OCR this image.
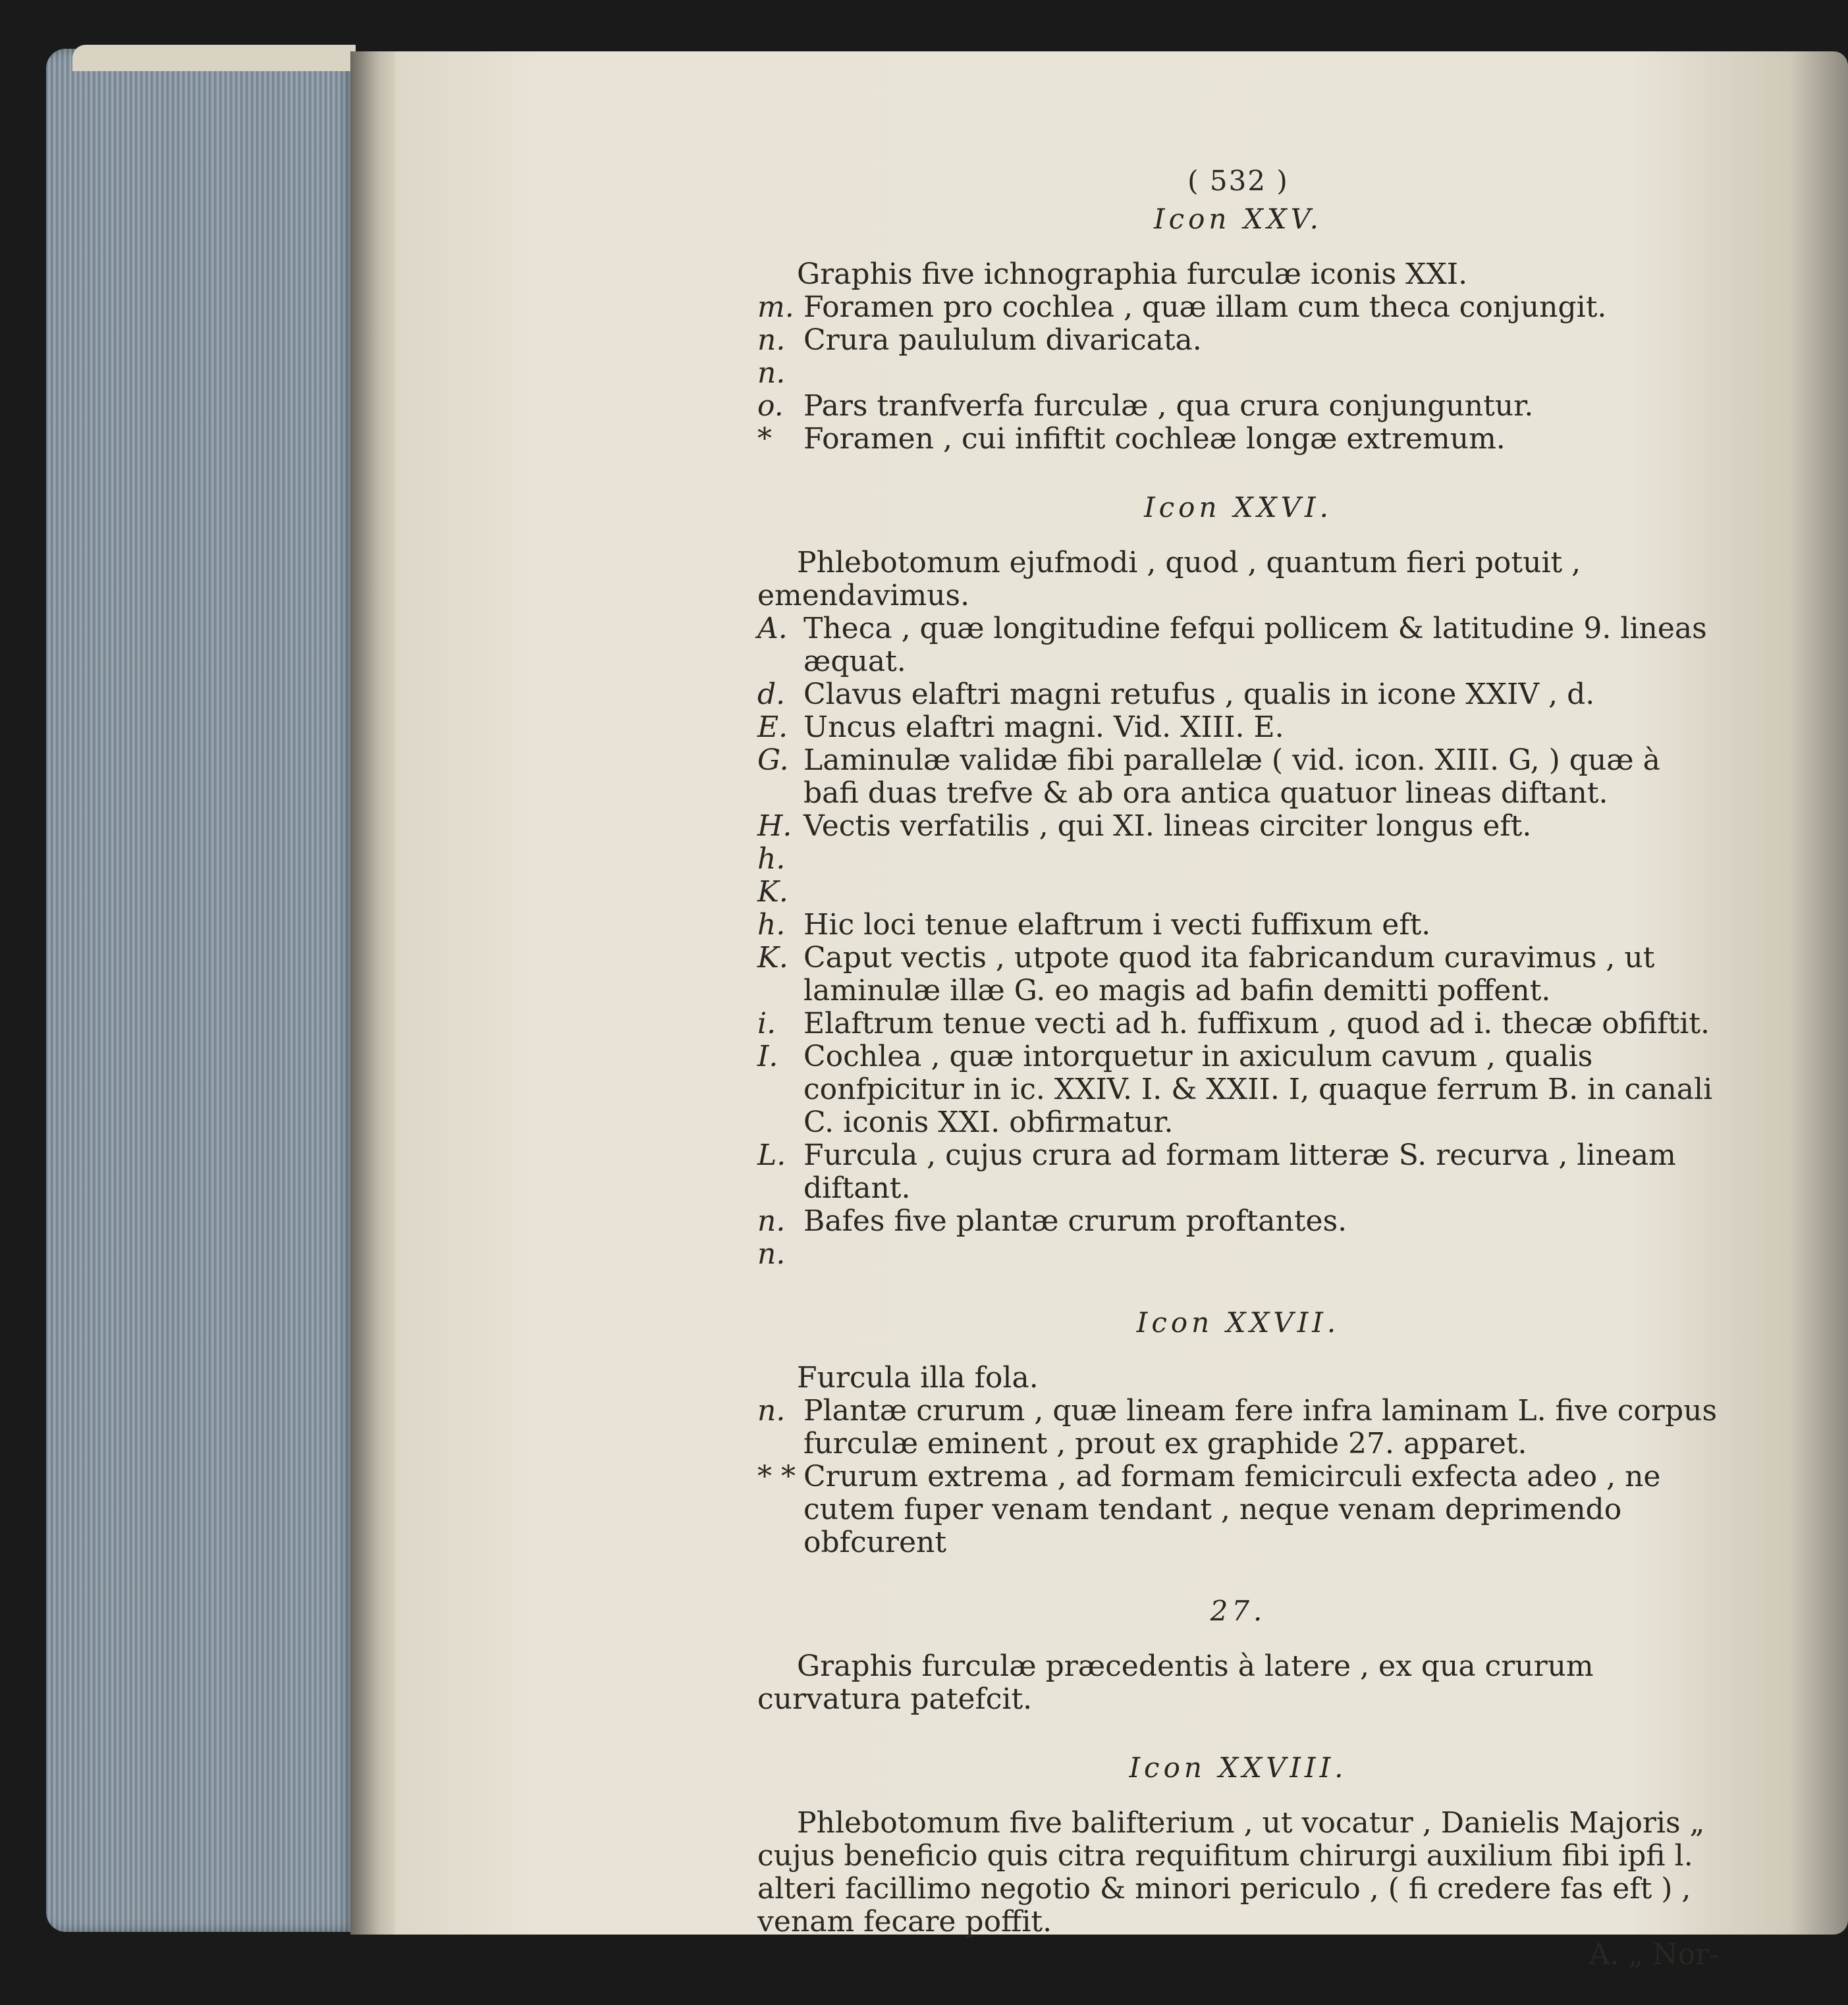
( 532 )
Icon XXV.
Graphis five ichnographia furculæ iconis XXI.
m. Foramen pro cochlea , quæ illam cum theca conjungit.
n. n.
Crura paululum divaricata.
o. Pars tranfverfa furculæ , qua crura conjunguntur.
*	Foramen , cui infiftit cochleæ longæ extremum.
Icon XXVI.
Phlebotomum ejufmodi , quod , quantum fieri potuit , emendavimus.
A. Theca , quæ longitudine fefqui pollicem & latitudine 9. lineas æquat.
d. Clavus elaftri magni retufus , qualis in icone XXIV , d.
E. Uncus elaftri magni. Vid. XIII. E.
G. Laminulæ validæ fibi parallelæ ( vid. icon. XIII. G, ) quæ à bafi duas trefve & ab ora antica quatuor lineas diftant.
H. h. K.
Vectis verfatilis , qui XI. lineas circiter longus eft.
h. Hic loci tenue elaftrum i vecti fuffixum eft.
K. Caput vectis , utpote quod ita fabricandum curavimus , ut laminulæ illæ G. eo magis ad bafin demitti poffent.
i. Elaftrum tenue vecti ad h. fuffixum , quod ad i. thecæ obfiftit.
I. Cochlea , quæ intorquetur in axiculum cavum , qualis confpicitur in ic. XXIV. I. & XXII. I, quaque ferrum B. in canali C. iconis XXI. obfirmatur.
L. Furcula , cujus crura ad formam litteræ S. recurva , lineam diftant.
n. n.
Bafes five plantæ crurum proftantes.
Icon XXVII.
Furcula illa fola.
n. Plantæ crurum , quæ lineam fere infra laminam L. five corpus furculæ eminent , prout ex graphide 27. apparet.
* * Crurum extrema , ad formam femicirculi exfecta adeo , ne cutem fuper venam tendant , neque venam deprimendo obfcurent
27.
Graphis furculæ præcedentis à latere , ex qua crurum curvatura patefcit.
Icon XXVIII.
Phlebotomum five balifterium , ut vocatur , Danielis Majoris „ cujus beneficio quis citra requifitum chirurgi auxilium fibi ipfi l. alteri facillimo negotio & minori periculo , ( fi credere fas eft ) , venam fecare poffit.
A. „ Nor-
